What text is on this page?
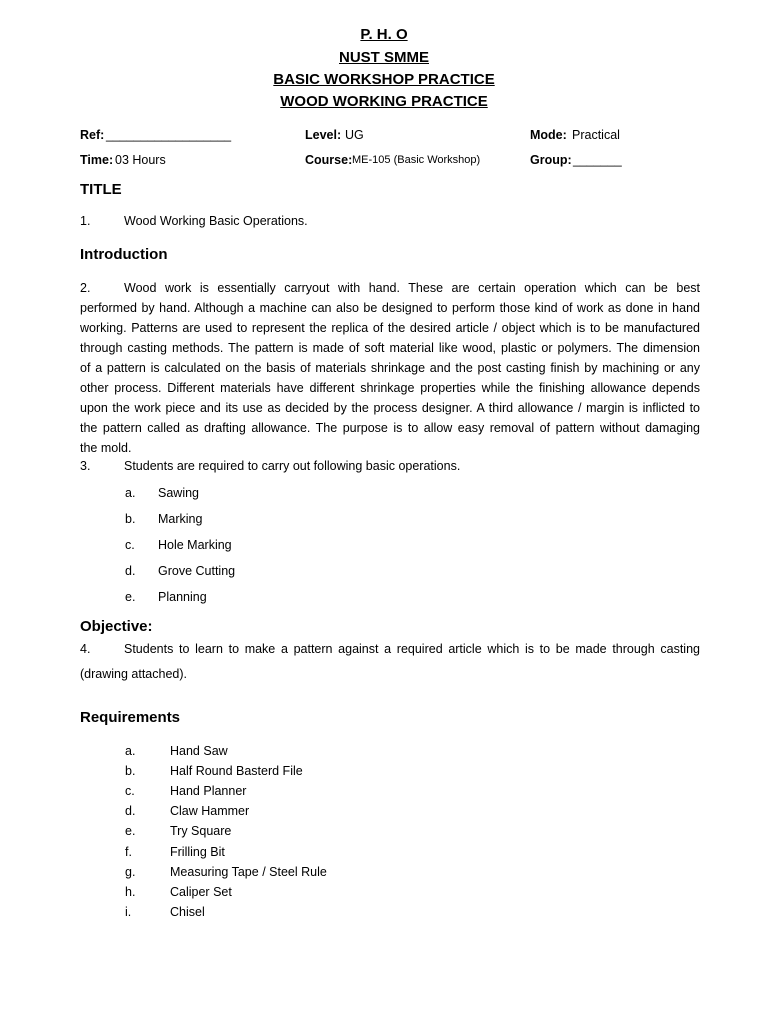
P. H. O
NUST SMME
BASIC WORKSHOP PRACTICE
WOOD WORKING PRACTICE
Ref: __________________	Level: UG	Mode: Practical
Time: 03 Hours	Course: ME-105 (Basic Workshop)	Group: _______
TITLE
1.	Wood Working Basic Operations.
Introduction
2.	Wood work is essentially carryout with hand. These are certain operation which can be best
performed by hand. Although a machine can also be designed to perform those kind of work as done in hand
working. Patterns are used to represent the replica of the desired article / object which is to be manufactured
through casting methods. The pattern is made of soft material like wood, plastic or polymers. The dimension
of a pattern is calculated on the basis of materials shrinkage and the post casting finish by machining or any
other process. Different materials have different shrinkage properties while the finishing allowance depends
upon the work piece and its use as decided by the process designer. A third allowance / margin is inflicted to
the pattern called as drafting allowance. The purpose is to allow easy removal of pattern without damaging
the mold.
3.	Students are required to carry out following basic operations.
a. Sawing
b. Marking
c. Hole Marking
d. Grove Cutting
e. Planning
Objective:
4.	Students to learn to make a pattern against a required article which is to be made through casting
(drawing attached).
Requirements
a.	Hand Saw
b.	Half Round Basterd File
c.	Hand Planner
d.	Claw Hammer
e.	Try Square
f.	Frilling Bit
g.	Measuring Tape / Steel Rule
h.	Caliper Set
i.	Chisel
